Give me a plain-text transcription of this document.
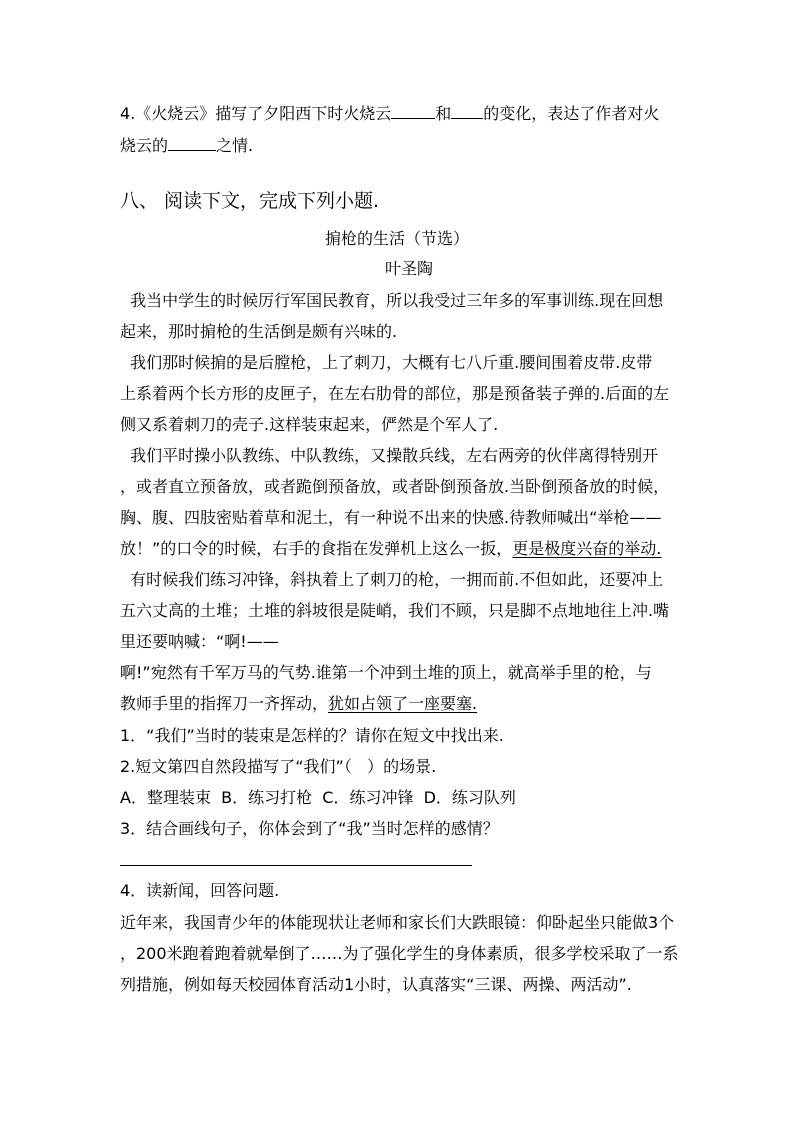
4.《火烧云》描写了夕阳西下时火烧云	和 的变化，表达了作者对火
烧云的	之情.
八、 阅读下文，完成下列小题.
掮枪的生活（节选）
叶圣陶
我当中学生的时候厉行军国民教育，所以我受过三年多的军事训练.现在回想
起来，那时掮枪的生活倒是颇有兴味的.
我们那时候掮的是后膛枪，上了刺刀，大概有七八斤重.腰间围着皮带.皮带
上系着两个长方形的皮匣子，在左右肋骨的部位，那是预备装子弹的.后面的左
侧又系着刺刀的壳子.这样装束起来，俨然是个军人了.
我们平时操小队教练、中队教练，又操散兵线，左右两旁的伙伴离得特别开
，或者直立预备放，或者跪倒预备放，或者卧倒预备放.当卧倒预备放的时候，
胸、腹、四肢密贴着草和泥土，有一种说不出来的快感.待教师喊出“举枪——
放！”的口令的时候，右手的食指在发弹机上这么一扳，更是极度兴奋的举动.
有时候我们练习冲锋，斜执着上了刺刀的枪，一拥而前.不但如此，还要冲上
五六丈高的土堆；土堆的斜坡很是陡峭，我们不顾，只是脚不点地地往上冲.嘴
里还要呐喊：“啊!——
啊!”宛然有千军万马的气势.谁第一个冲到土堆的顶上，就高举手里的枪，与
教师手里的指挥刀一齐挥动，犹如占领了一座要塞.
1．“我们”当时的装束是怎样的？请你在短文中找出来.
2.短文第四自然段描写了“我们”（   ）的场景.
A．整理装束  B．练习打枪  C．练习冲锋  D．练习队列
3．结合画线句子，你体会到了“我”当时怎样的感情？
4．读新闻，回答问题.
近年来，我国青少年的体能现状让老师和家长们大跌眼镜：仰卧起坐只能做3个
，200米跑着跑着就晕倒了……为了强化学生的身体素质，很多学校采取了一系
列措施，例如每天校园体育活动1小时，认真落实“三课、两操、两活动”.
